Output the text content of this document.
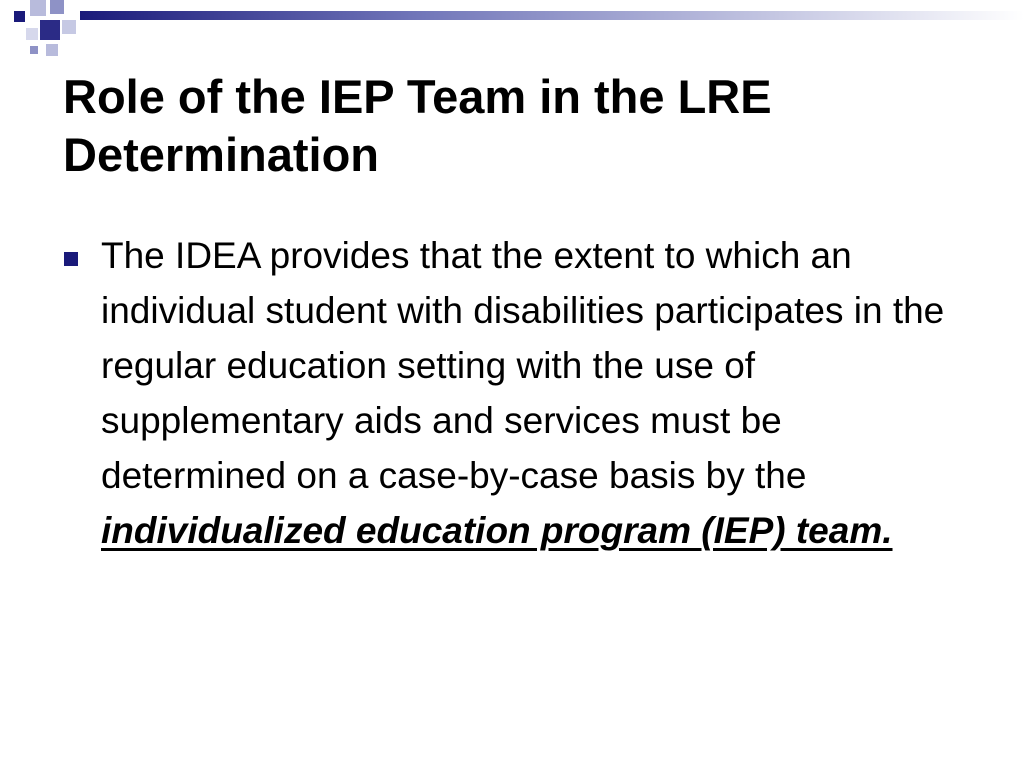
Role of the IEP Team in the LRE Determination

The IDEA provides that the extent to which an individual student with disabilities participates in the regular education setting with the use of supplementary aids and services must be determined on a case-by-case basis by the individualized education program (IEP) team.
